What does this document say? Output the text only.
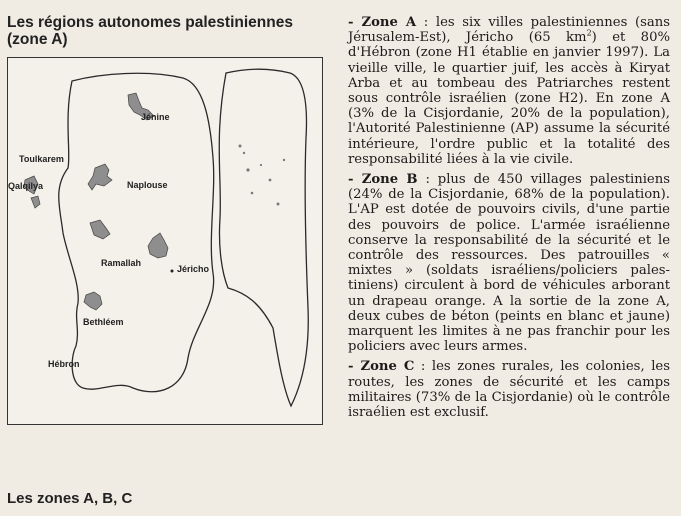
Les régions autonomes palestiniennes (zone A)
Jénine
Toulkarem
Qalqilya	Naplouse
Ramallah
Jéricho
Bethléem
Hébron
Les zones A, B, C

- Zone A : les six villes palestiniennes (sans Jérusalem-Est), Jéricho (65 $km^2$) et 80% d'Hébron (zone H1 établie en janvier 1997). La vieille ville, le quartier juif, les accès à Kiryat Arba et au tombeau des Patriarches restent sous contrôle israélien (zone H2). En zone A (3% de la Cisjordanie, 20% de la population), l'Autorité Palestinienne (AP) assume la sécurité intérieure, l'ordre public et la totalité des responsabilité liées à la vie civile.

- Zone B : plus de 450 villages palestiniens (24% de la Cisjordanie, 68% de la population). L'AP est dotée de pouvoirs civils, d'une partie des pouvoirs de police. L'armée israélienne conserve la responsabilité de la sécurité et le contrôle des ressources. Des patrouilles « mixtes » (soldats israéliens/policiers palestiniens) circulent à bord de véhicules arborant un drapeau orange. A la sortie de la zone A, deux cubes de béton (peints en blanc et jaune) marquent les limites à ne pas franchir pour les policiers avec leurs armes.

- Zone C : les zones rurales, les colonies, les routes, les zones de sécurité et les camps militaires (73% de la Cisjordanie) où le contrôle israélien est exclusif.
